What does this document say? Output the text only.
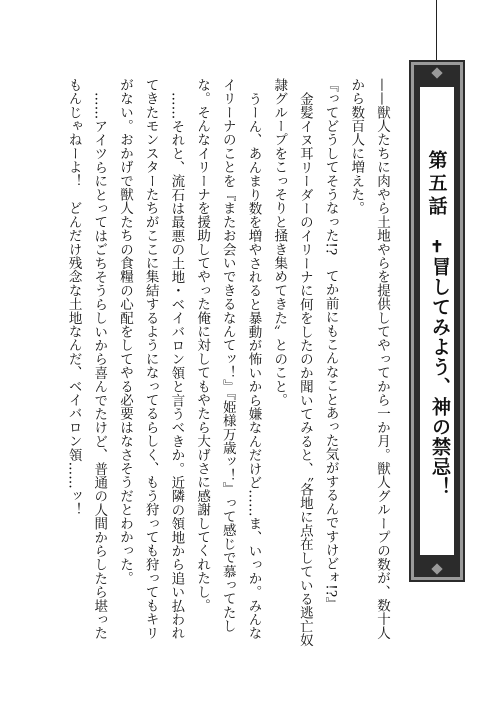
第五話
✝
冒してみよう、神の禁忌！

——獣人たちに肉やら土地やらを提供してやってから一か月。獣人グループの数が、数十人から数百人に増えた。

『ってどうしてそうなった!?　てか前にもこんなことあった気がするんですけどォ!?』

金髪イヌ耳リーダーのイリーナに何をしたのか聞いてみると、〝各地に点在している逃亡奴隷グループをこっそりと掻き集めてきた〟とのこと。

うーん、あんまり数を増やされると暴動が怖いから嫌なんだけど……ま、いっか。みんなイリーナのことを『またお会いできるなんてッ！』『姫様万歳ッ！』って感じで慕ってたしな。そんなイリーナを援助してやった俺に対してもやたら大げさに感謝してくれたし。

……それと、流石は最悪の土地・ベイバロン領と言うべきか。近隣の領地から追い払われてきたモンスターたちがここに集結するようになってるらしく、もう狩っても狩ってもキリがない。おかげで獣人たちの食糧の心配をしてやる必要はなさそうだとわかった。

……アイツらにとってはごちそうらしいから喜んでたけど、普通の人間からしたら堪ったもんじゃねーよ！　どんだけ残念な土地なんだ、ベイバロン領……ッ！
